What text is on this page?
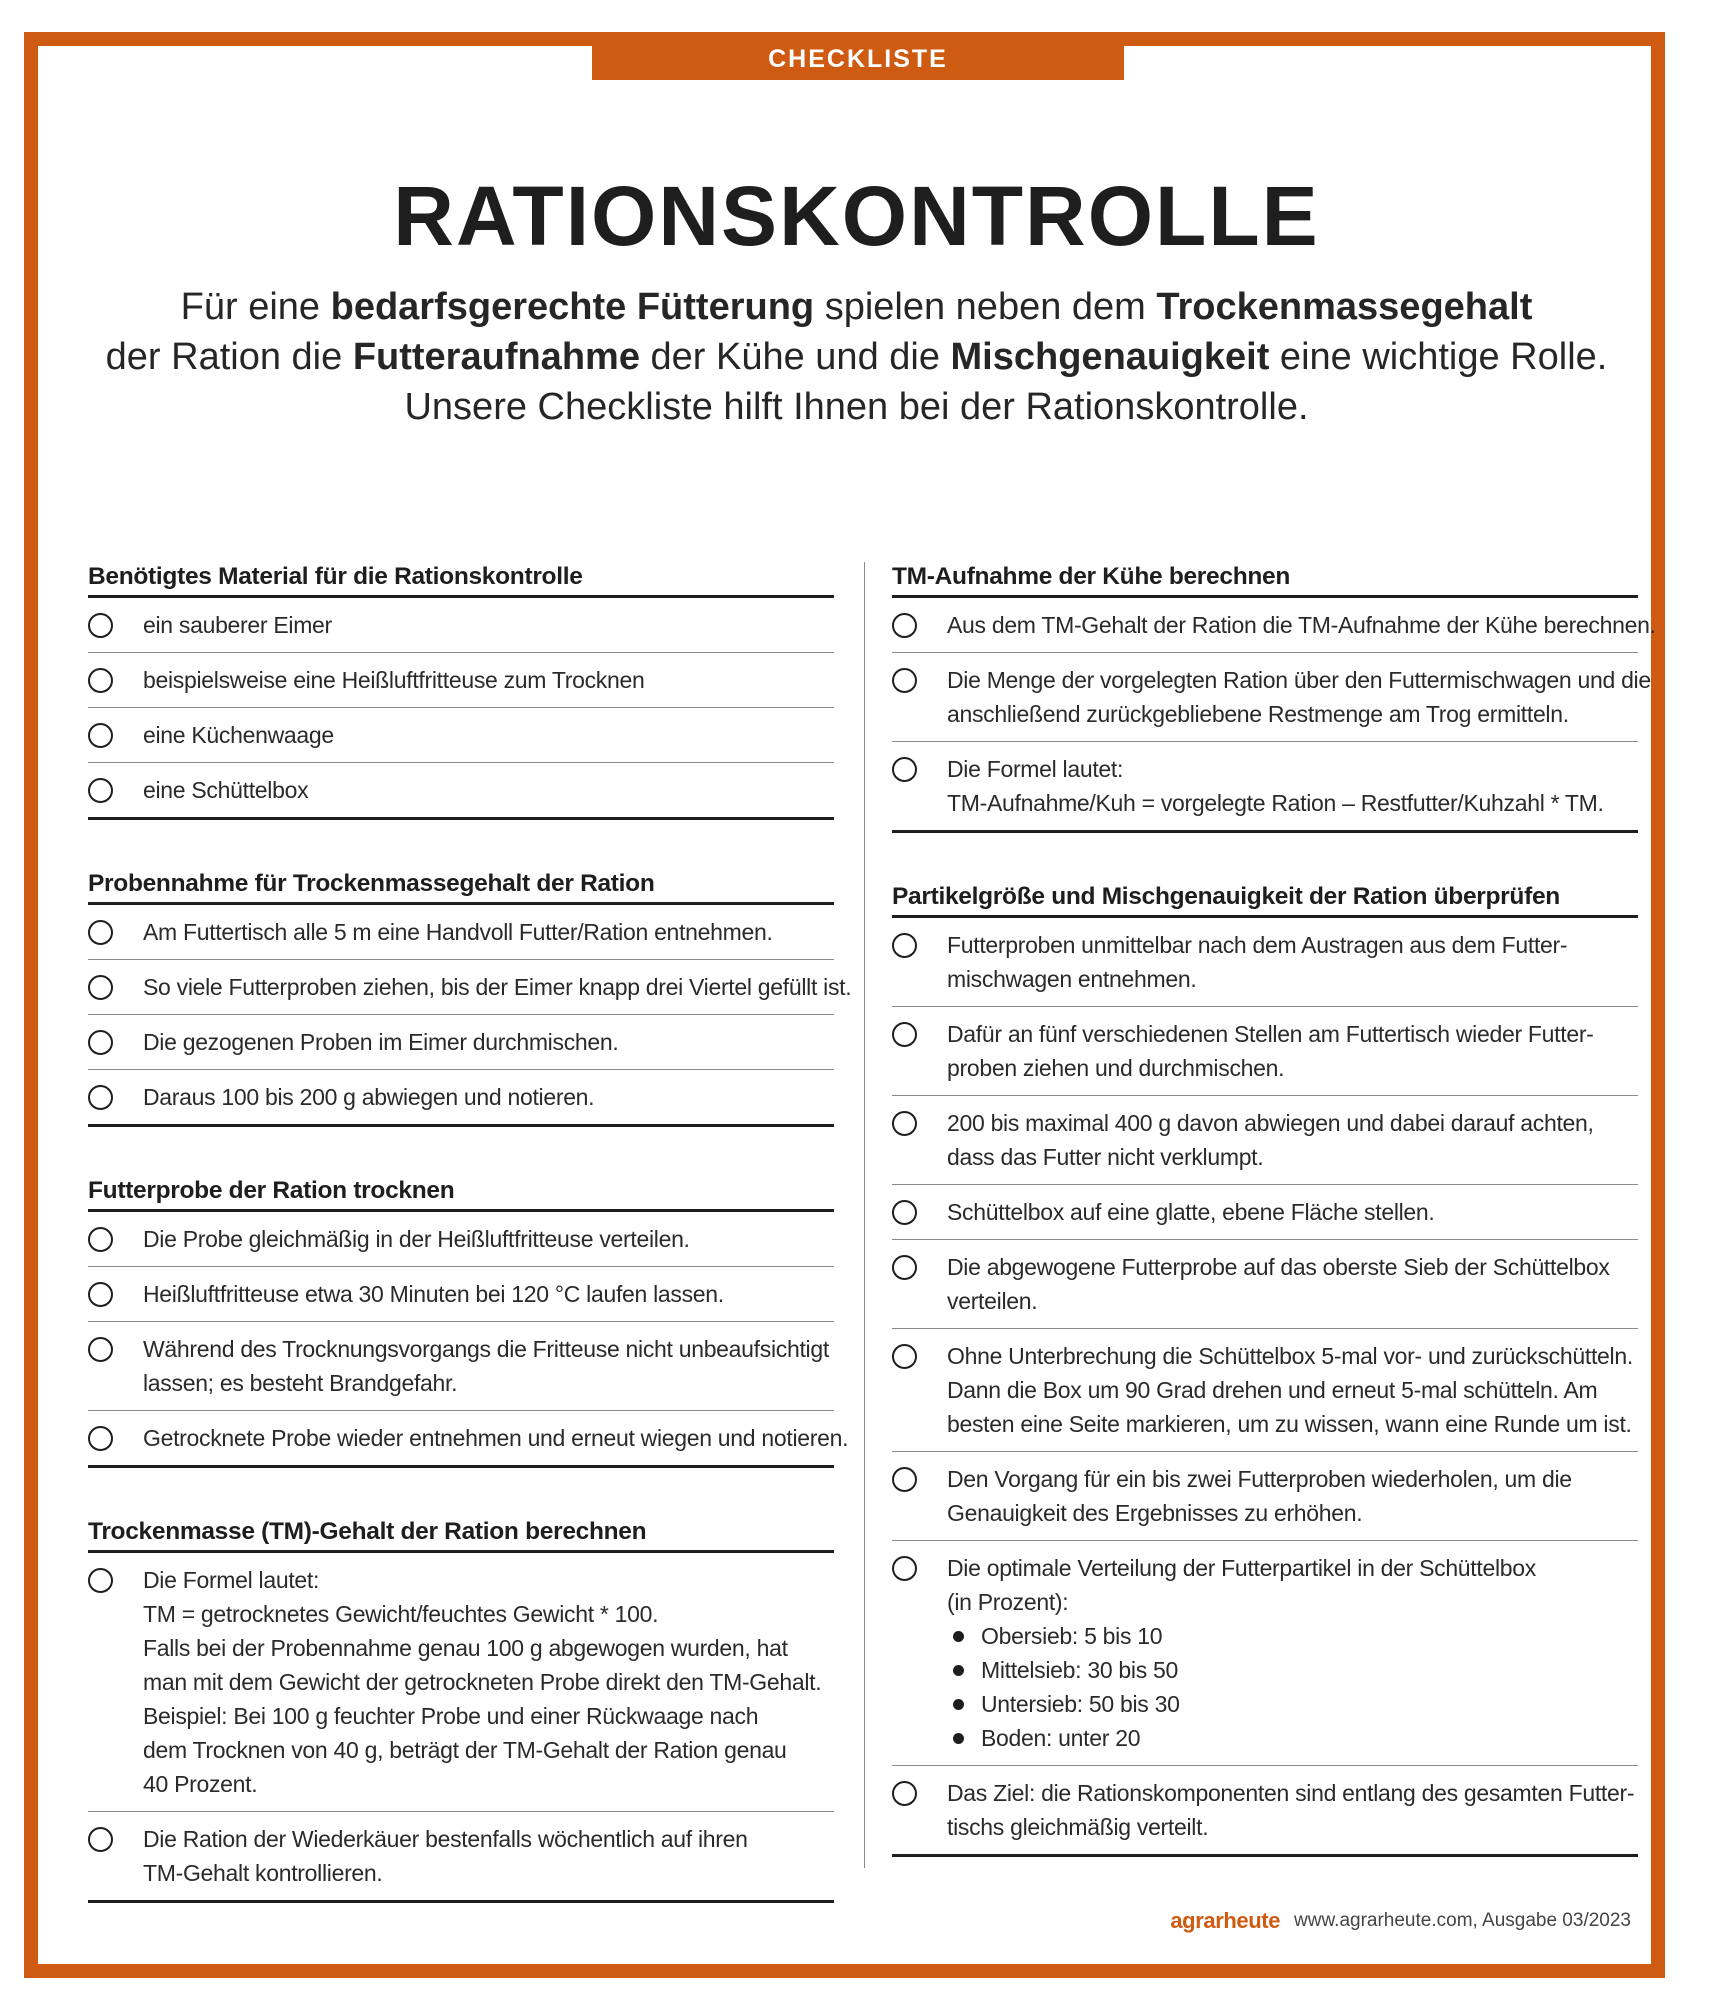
CHECKLISTE
RATIONSKONTROLLE
Für eine bedarfsgerechte Fütterung spielen neben dem Trockenmassegehalt
der Ration die Futteraufnahme der Kühe und die Mischgenauigkeit eine wichtige Rolle.
Unsere Checkliste hilft Ihnen bei der Rationskontrolle.
Benötigtes Material für die Rationskontrolle
ein sauberer Eimer
beispielsweise eine Heißluftfritteuse zum Trocknen
eine Küchenwaage
eine Schüttelbox
Probennahme für Trockenmassegehalt der Ration
Am Futtertisch alle 5 m eine Handvoll Futter/Ration entnehmen.
So viele Futterproben ziehen, bis der Eimer knapp drei Viertel gefüllt ist.
Die gezogenen Proben im Eimer durchmischen.
Daraus 100 bis 200 g abwiegen und notieren.
Futterprobe der Ration trocknen
Die Probe gleichmäßig in der Heißluftfritteuse verteilen.
Heißluftfritteuse etwa 30 Minuten bei 120 °C laufen lassen.
Während des Trocknungsvorgangs die Fritteuse nicht unbeaufsichtigt
lassen; es besteht Brandgefahr.
Getrocknete Probe wieder entnehmen und erneut wiegen und notieren.
Trockenmasse (TM)-Gehalt der Ration berechnen
Die Formel lautet:
TM = getrocknetes Gewicht/feuchtes Gewicht * 100.
Falls bei der Probennahme genau 100 g abgewogen wurden, hat
man mit dem Gewicht der getrockneten Probe direkt den TM-Gehalt.
Beispiel: Bei 100 g feuchter Probe und einer Rückwaage nach
dem Trocknen von 40 g, beträgt der TM-Gehalt der Ration genau
40 Prozent.
Die Ration der Wiederkäuer bestenfalls wöchentlich auf ihren
TM-Gehalt kontrollieren.
TM-Aufnahme der Kühe berechnen
Aus dem TM-Gehalt der Ration die TM-Aufnahme der Kühe berechnen.
Die Menge der vorgelegten Ration über den Futtermischwagen und die
anschließend zurückgebliebene Restmenge am Trog ermitteln.
Die Formel lautet:
TM-Aufnahme/Kuh = vorgelegte Ration – Restfutter/Kuhzahl * TM.
Partikelgröße und Mischgenauigkeit der Ration überprüfen
Futterproben unmittelbar nach dem Austragen aus dem Futter-
mischwagen entnehmen.
Dafür an fünf verschiedenen Stellen am Futtertisch wieder Futter-
proben ziehen und durchmischen.
200 bis maximal 400 g davon abwiegen und dabei darauf achten,
dass das Futter nicht verklumpt.
Schüttelbox auf eine glatte, ebene Fläche stellen.
Die abgewogene Futterprobe auf das oberste Sieb der Schüttelbox
verteilen.
Ohne Unterbrechung die Schüttelbox 5-mal vor- und zurückschütteln.
Dann die Box um 90 Grad drehen und erneut 5-mal schütteln. Am
besten eine Seite markieren, um zu wissen, wann eine Runde um ist.
Den Vorgang für ein bis zwei Futterproben wiederholen, um die
Genauigkeit des Ergebnisses zu erhöhen.
Die optimale Verteilung der Futterpartikel in der Schüttelbox
(in Prozent):
Obersieb: 5 bis 10
Mittelsieb: 30 bis 50
Untersieb: 50 bis 30
Boden: unter 20
Das Ziel: die Rationskomponenten sind entlang des gesamten Futter-
tischs gleichmäßig verteilt.
agrarheute www.agrarheute.com, Ausgabe 03/2023
